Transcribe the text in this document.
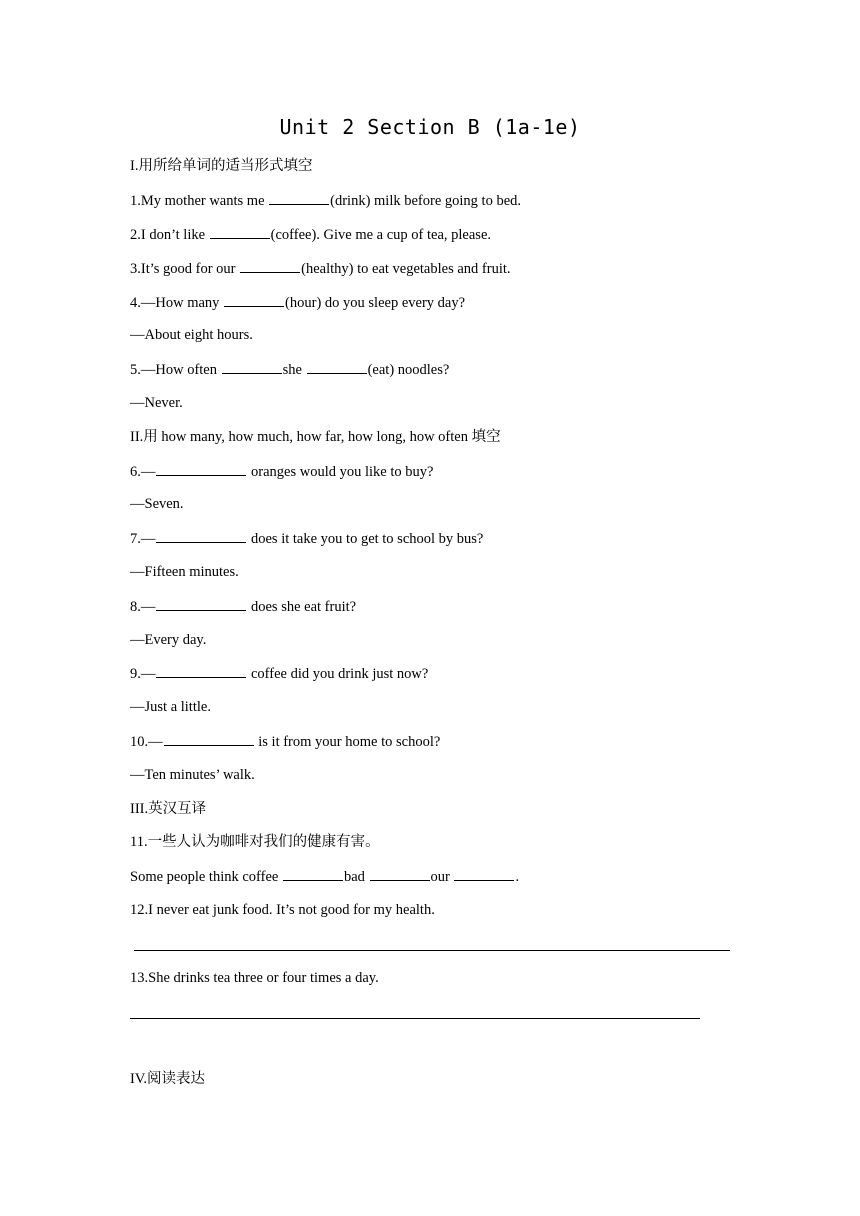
Unit 2 Section B (1a-1e)
I.用所给单词的适当形式填空
1.My mother wants me	(drink) milk before going to bed.
2.I don’t like	(coffee). Give me a cup of tea, please.
3.It’s good for our	(healthy) to eat vegetables and fruit.
4.—How many	(hour) do you sleep every day?
—About eight hours.
5.—How often	she	(eat) noodles?
—Never.
II.用 how many, how much, how far, how long, how often 填空
6.—	oranges would you like to buy?
—Seven.
7.—	does it take you to get to school by bus?
—Fifteen minutes.
8.—	does she eat fruit?
—Every day.
9.—	coffee did you drink just now?
—Just a little.
10.—	is it from your home to school?
—Ten minutes’ walk.
III.英汉互译
11.一些人认为咖啡对我们的健康有害。
Some people think coffee	bad	our	.
12.I never eat junk food. It’s not good for my health.
13.She drinks tea three or four times a day.
IV.阅读表达
